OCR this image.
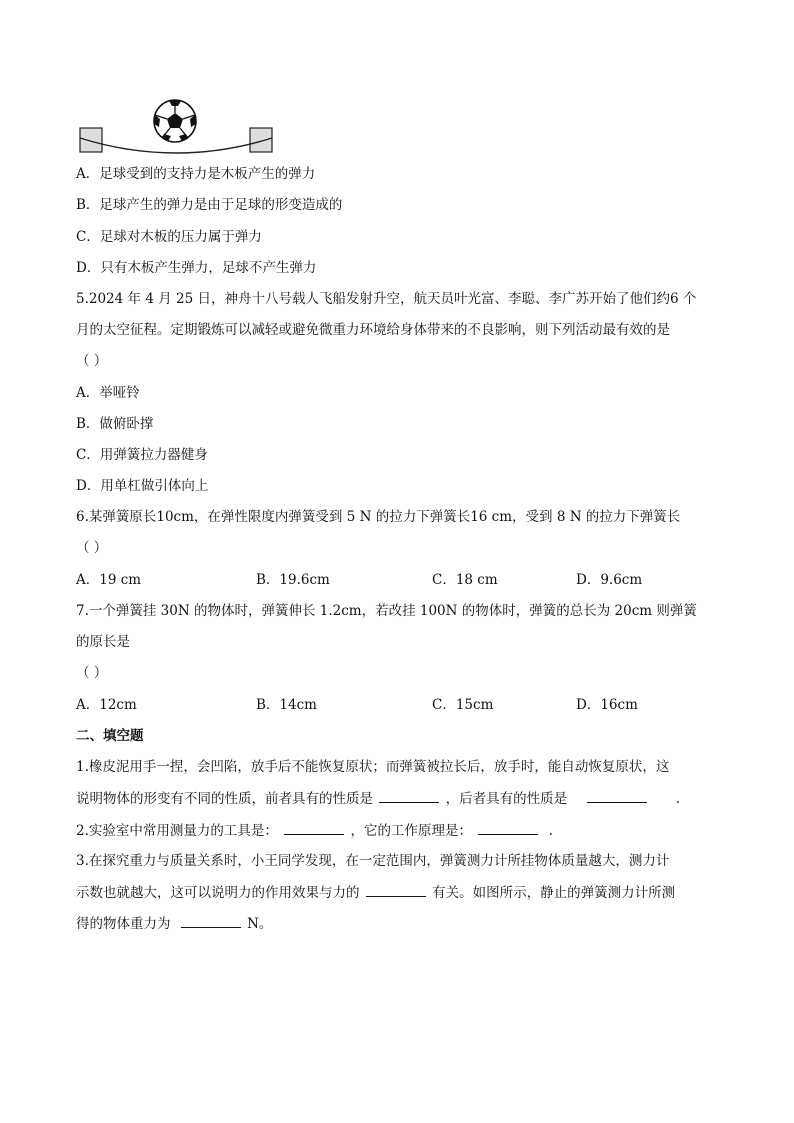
A．足球受到的支持力是木板产生的弹力
B．足球产生的弹力是由于足球的形变造成的
C．足球对木板的压力属于弹力
D．只有木板产生弹力，足球不产生弹力
5.2024 年 4 月 25 日，神舟十八号载人飞船发射升空，航天员叶光富、李聪、李广苏开始了他们约6 个
月的太空征程。定期锻炼可以减轻或避免微重力环境给身体带来的不良影响，则下列活动最有效的是
（ ）
A．举哑铃
B．做俯卧撑
C．用弹簧拉力器健身
D．用单杠做引体向上
6.某弹簧原长10cm，在弹性限度内弹簧受到 5 N 的拉力下弹簧长16 cm，受到 8 N 的拉力下弹簧长
（ ）
A．19 cm	B．19.6cm	C．18 cm	D．9.6cm
7.一个弹簧挂 30N 的物体时，弹簧伸长 1.2cm，若改挂 100N 的物体时，弹簧的总长为 20cm 则弹簧
的原长是
（ ）
A．12cm	B．14cm	C．15cm	D．16cm
二、填空题
1.橡皮泥用手一捏，会凹陷，放手后不能恢复原状；而弹簧被拉长后，放手时，能自动恢复原状，这
说明物体的形变有不同的性质，前者具有的性质是	，后者具有的性质是	.
2.实验室中常用测量力的工具是：	，它的工作原理是：	.
3.在探究重力与质量关系时，小王同学发现，在一定范围内，弹簧测力计所挂物体质量越大，测力计
示数也就越大，这可以说明力的作用效果与力的	有关。如图所示，静止的弹簧测力计所测
得的物体重力为	N。
